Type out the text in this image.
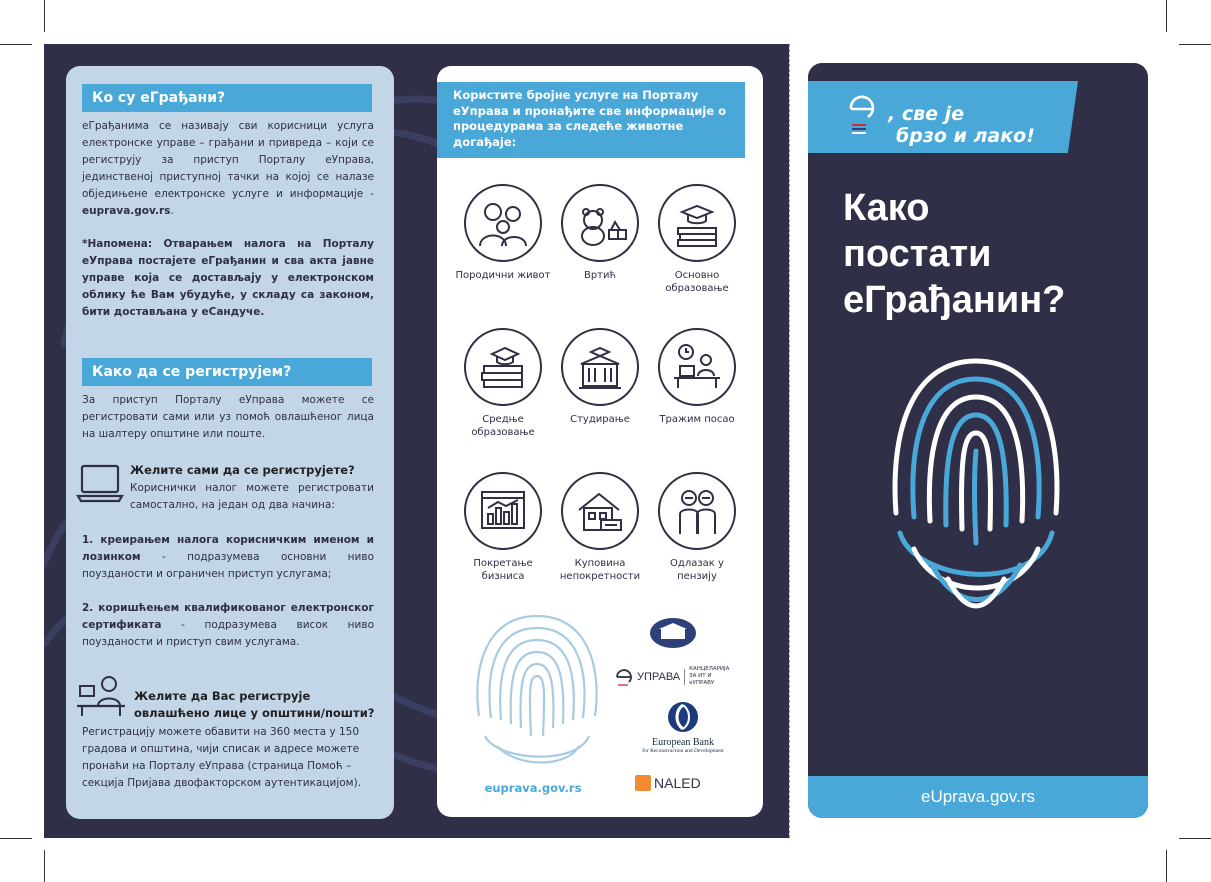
Ко су еГрађани?
еГрађанима се називају сви корисници услуга електронске управе – грађани и привреда – који се региструју за приступ Порталу еУправа, јединственој приступној тачки на којој се налазе обједињене електронске услуге и информације - euprava.gov.rs.
*Напомена: Отварањем налога на Порталу еУправа постајете еГрађанин и сва акта јавне управе која се достављају у електронском облику ће Вам убудуће, у складу са законом, бити достављана у еСандуче.
Како да се региструјем?
За приступ Порталу еУправа можете се регистровати сами или уз помоћ овлашћеног лица на шалтеру општине или поште.
Желите сами да се региструјете?
Кориснички налог можете регистровати самостално, на један од два начина:
1. креирањем налога корисничким именом и лозинком - подразумева основни ниво поузданости и ограничен приступ услугама;
2. коришћењем квалификованог електронског сертификата - подразумева висок ниво поузданости и приступ свим услугама.
Желите да Вас региструје овлашћено лице у општини/пошти?
Регистрацију можете обавити на 360 места у 150 градова и општина, чији списак и адресе можете пронаћи на Порталу еУправа (страница Помоћ – секција Пријава двофакторском аутентикацијом).
Користите бројне услуге на Порталу еУправа и пронађите све информације о процедурама за следеће животне догађаје:
Породични живот	Вртић	Основно образовање
Средње образовање
Студирање	Тражим посао
Покретање бизниса
Куповина непокретности
Одлазак у пензију
euprava.gov.rs
УПРАВА
КАНЦЕЛАРИЈА ЗА ИТ И еУПРАВУ
European Bank
for Reconstruction and Development
NALED
, све је
брзо и лако!
Како
постати
еГрађанин?
eUprava.gov.rs
